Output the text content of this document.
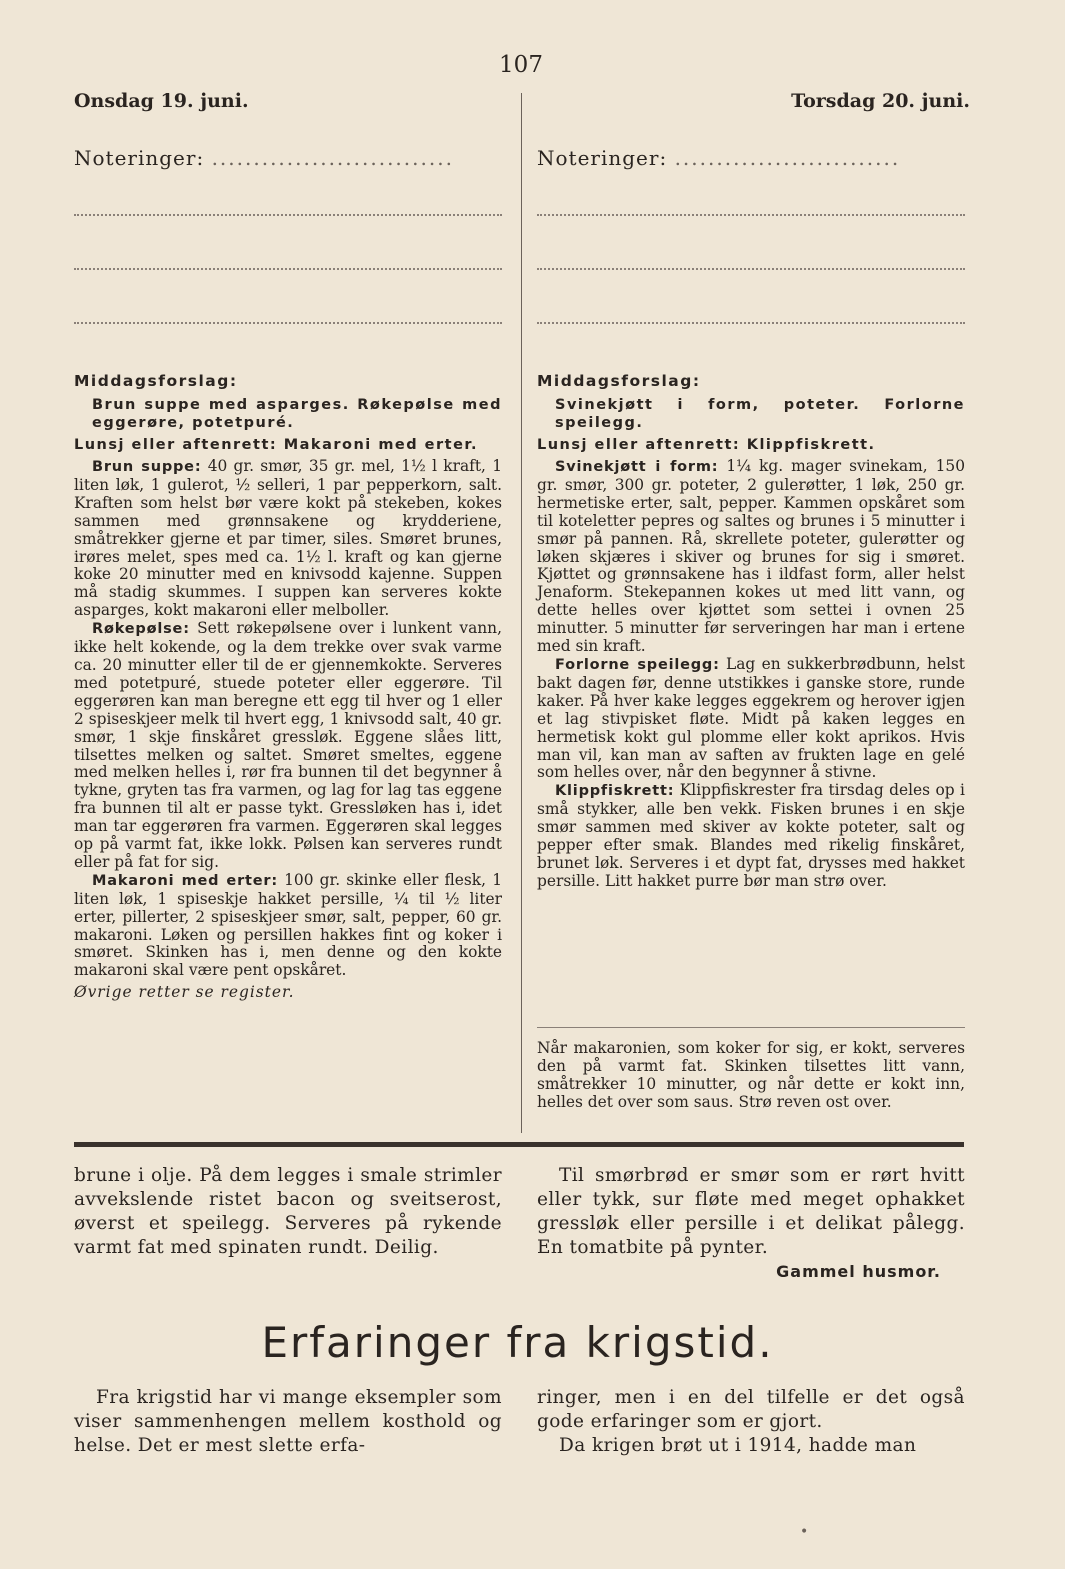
107
Onsdag 19. juni.	Torsdag 20. juni.
Noteringer: .............................	Noteringer: ...........................
Middagsforslag:
Brun suppe med asparges. Røkepølse med eggerøre, potetpuré.
Lunsj eller aftenrett: Makaroni med erter.

Brun suppe: 40 gr. smør, 35 gr. mel, 1½ l kraft, 1 liten løk, 1 gulerot, ½ selleri, 1 par pepperkorn, salt. Kraften som helst bør være kokt på stekeben, kokes sammen med grønnsakene og krydderiene, småtrekker gjerne et par timer, siles. Smøret brunes, irøres melet, spes med ca. 1½ l. kraft og kan gjerne koke 20 minutter med en knivsodd kajenne. Suppen må stadig skummes. I suppen kan serveres kokte asparges, kokt makaroni eller melboller.

Røkepølse: Sett røkepølsene over i lunkent vann, ikke helt kokende, og la dem trekke over svak varme ca. 20 minutter eller til de er gjennemkokte. Serveres med potetpuré, stuede poteter eller eggerøre. Til eggerøren kan man beregne ett egg til hver og 1 eller 2 spiseskjeer melk til hvert egg, 1 knivsodd salt, 40 gr. smør, 1 skje finskåret gressløk. Eggene slåes litt, tilsettes melken og saltet. Smøret smeltes, eggene med melken helles i, rør fra bunnen til det begynner å tykne, gryten tas fra varmen, og lag for lag tas eggene fra bunnen til alt er passe tykt. Gressløken has i, idet man tar eggerøren fra varmen. Eggerøren skal legges op på varmt fat, ikke lokk. Pølsen kan serveres rundt eller på fat for sig.

Makaroni med erter: 100 gr. skinke eller flesk, 1 liten løk, 1 spiseskje hakket persille, ¼ til ½ liter erter, pillerter, 2 spiseskjeer smør, salt, pepper, 60 gr. makaroni. Løken og persillen hakkes fint og koker i smøret. Skinken has i, men denne og den kokte makaroni skal være pent opskåret.

Øvrige retter se register.

Middagsforslag:
Svinekjøtt i form, poteter. Forlorne speilegg.
Lunsj eller aftenrett: Klippfiskrett.

Svinekjøtt i form: 1¼ kg. mager svinekam, 150 gr. smør, 300 gr. poteter, 2 gulerøtter, 1 løk, 250 gr. hermetiske erter, salt, pepper. Kammen opskåret som til koteletter pepres og saltes og brunes i 5 minutter i smør på pannen. Rå, skrellete poteter, gulerøtter og løken skjæres i skiver og brunes for sig i smøret. Kjøttet og grønnsakene has i ildfast form, aller helst Jenaform. Stekepannen kokes ut med litt vann, og dette helles over kjøttet som settei i ovnen 25 minutter. 5 minutter før serveringen har man i ertene med sin kraft.

Forlorne speilegg: Lag en sukkerbrødbunn, helst bakt dagen før, denne utstikkes i ganske store, runde kaker. På hver kake legges eggekrem og herover igjen et lag stivpisket fløte. Midt på kaken legges en hermetisk kokt gul plomme eller kokt aprikos. Hvis man vil, kan man av saften av frukten lage en gelé som helles over, når den begynner å stivne.

Klippfiskrett: Klippfiskrester fra tirsdag deles op i små stykker, alle ben vekk. Fisken brunes i en skje smør sammen med skiver av kokte poteter, salt og pepper efter smak. Blandes med rikelig finskåret, brunet løk. Serveres i et dypt fat, drysses med hakket persille. Litt hakket purre bør man strø over.

Når makaronien, som koker for sig, er kokt, serveres den på varmt fat. Skinken tilsettes litt vann, småtrekker 10 minutter, og når dette er kokt inn, helles det over som saus. Strø reven ost over.

brune i olje. På dem legges i smale strimler avvekslende ristet bacon og sveitserost, øverst et speilegg. Serveres på rykende varmt fat med spinaten rundt. Deilig.

Til smørbrød er smør som er rørt hvitt eller tykk, sur fløte med meget ophakket gressløk eller persille i et delikat pålegg. En tomatbite på pynter.

Gammel husmor.
Erfaringer fra krigstid.

Fra krigstid har vi mange eksempler som viser sammenhengen mellem kosthold og helse. Det er mest slette erfa-

ringer, men i en del tilfelle er det også gode erfaringer som er gjort.

Da krigen brøt ut i 1914, hadde man

•
